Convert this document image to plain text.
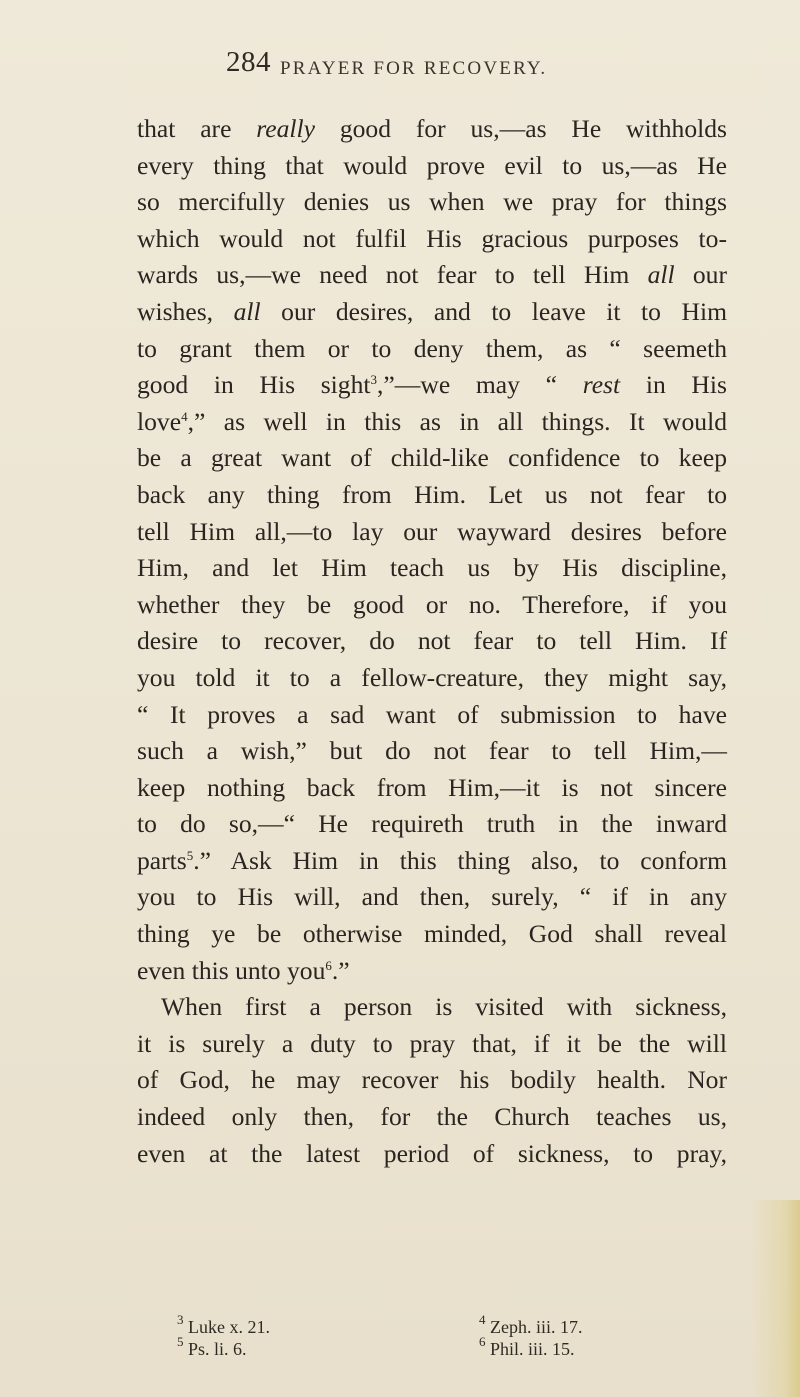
284 PRAYER FOR RECOVERY.
that are really good for us,—as He withholds
every thing that would prove evil to us,—as He
so mercifully denies us when we pray for things
which would not fulfil His gracious purposes to-
wards us,—we need not fear to tell Him all our
wishes, all our desires, and to leave it to Him
to grant them or to deny them, as “ seemeth
good in His sight$^3$,”—we may “ rest in His
love$^4$,” as well in this as in all things. It would
be a great want of child-like confidence to keep
back any thing from Him. Let us not fear to
tell Him all,—to lay our wayward desires before
Him, and let Him teach us by His discipline,
whether they be good or no. Therefore, if you
desire to recover, do not fear to tell Him. If
you told it to a fellow-creature, they might say,
“ It proves a sad want of submission to have
such a wish,” but do not fear to tell Him,—
keep nothing back from Him,—it is not sincere
to do so,—“ He requireth truth in the inward
parts$^5$.” Ask Him in this thing also, to conform
you to His will, and then, surely, “ if in any
thing ye be otherwise minded, God shall reveal
even this unto you$^6$.”
When first a person is visited with sickness,
it is surely a duty to pray that, if it be the will
of God, he may recover his bodily health. Nor
indeed only then, for the Church teaches us,
even at the latest period of sickness, to pray,
$^3$ Luke x. 21.	$^4$ Zeph. iii. 17.
$^5$ Ps. li. 6.	$^6$ Phil. iii. 15.
